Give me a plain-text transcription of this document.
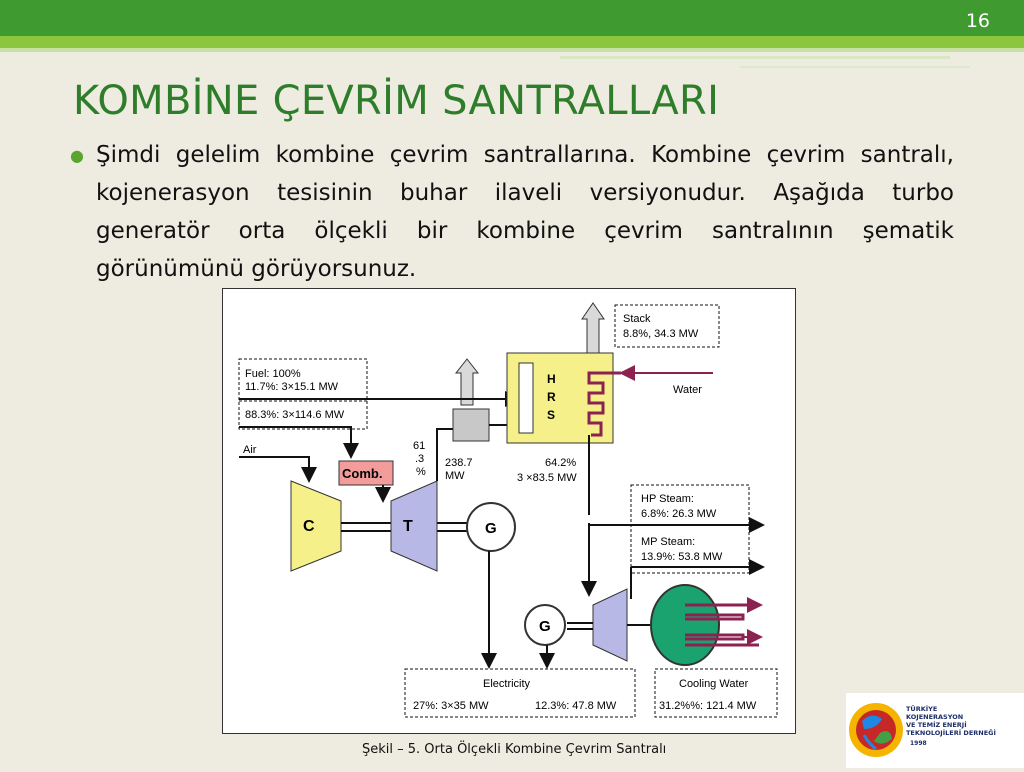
16
KOMBİNE ÇEVRİM SANTRALLARI
● Şimdi gelelim kombine çevrim santrallarına. Kombine çevrim santralı, kojenerasyon tesisinin buhar ilaveli versiyonudur. Aşağıda turbo generatör orta ölçekli bir kombine çevrim santralının şematik görünümünü görüyorsunuz.
Stack
8.8%, 34.3 MW
Fuel: 100%
11.7%: 3×15.1 MW
88.3%: 3×114.6 MW
Air
Comb.
C	T
61
.3
%
238.7
MW
H
R
S
Water
64.2%
3 ×83.5 MW
HP Steam:
6.8%: 26.3 MW
MP Steam:
13.9%: 53.8 MW
G
G
Electricity
27%: 3×35 MW	12.3%: 47.8 MW
Cooling Water
31.2%%: 121.4 MW
Şekil – 5. Orta Ölçekli Kombine Çevrim Santralı
TÜRKİYE
KOJENERASYON
VE TEMİZ ENERJİ
TEKNOLOJİLERİ DERNEĞİ
1998
